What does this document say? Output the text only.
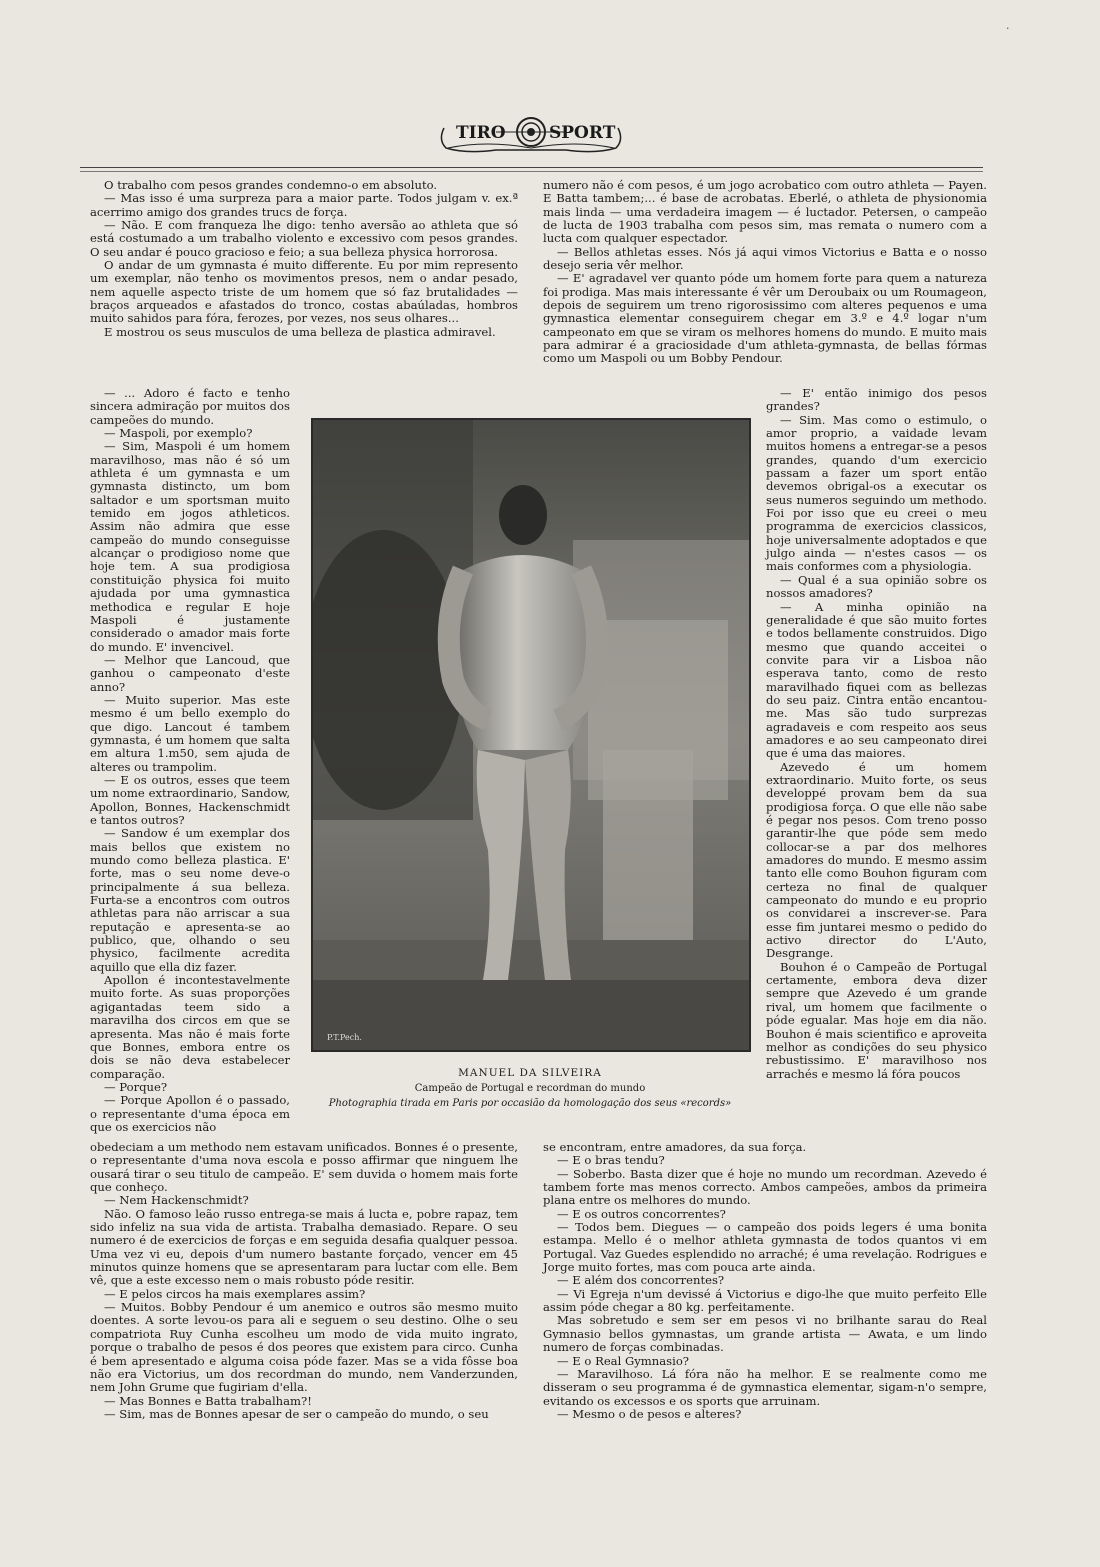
·
TIRO	SPORT

O trabalho com pesos grandes condemno-o em absoluto.

— Mas isso é uma surpreza para a maior parte. Todos julgam v. ex.ª acerrimo amigo dos grandes trucs de força.

— Não. E com franqueza lhe digo: tenho aversão ao athleta que só está costumado a um trabalho violento e excessivo com pesos grandes. O seu andar é pouco gracioso e feio; a sua belleza physica horrorosa.

O andar de um gymnasta é muito differente. Eu por mim represento um exemplar, não tenho os movimentos presos, nem o andar pesado, nem aquelle aspecto triste de um homem que só faz brutalidades — braços arqueados e afastados do tronco, costas abaúladas, hombros muito sahidos para fóra, ferozes, por vezes, nos seus olhares...

E mostrou os seus musculos de uma belleza de plastica admiravel.

— ... Adoro é facto e tenho sincera admiração por muitos dos campeões do mundo.

— Maspoli, por exemplo?

— Sim, Maspoli é um homem maravilhoso, mas não é só um athleta é um gymnasta e um gymnasta distincto, um bom saltador e um sportsman muito temido em jogos athleticos. Assim não admira que esse campeão do mundo conseguisse alcançar o prodigioso nome que hoje tem. A sua prodigiosa constituição physica foi muito ajudada por uma gymnastica methodica e regular E hoje Maspoli é justamente considerado o amador mais forte do mundo. E' invencivel.

— Melhor que Lancoud, que ganhou o campeonato d'este anno?

— Muito superior. Mas este mesmo é um bello exemplo do que digo. Lancout é tambem gymnasta, é um homem que salta em altura 1.m50, sem ajuda de alteres ou trampolim.

— E os outros, esses que teem um nome extraordinario, Sandow, Apollon, Bonnes, Hackenschmidt e tantos outros?

— Sandow é um exemplar dos mais bellos que existem no mundo como belleza plastica. E' forte, mas o seu nome deve-o principalmente á sua belleza. Furta-se a encontros com outros athletas para não arriscar a sua reputação e apresenta-se ao publico, que, olhando o seu physico, facilmente acredita aquillo que ella diz fazer.

Apollon é incontestavelmente muito forte. As suas proporções agigantadas teem sido a maravilha dos circos em que se apresenta. Mas não é mais forte que Bonnes, embora entre os dois se não deva estabelecer comparação.

— Porque?

— Porque Apollon é o passado, o representante d'uma época em que os exercicios não

P.T.Pech.
MANUEL DA SILVEIRA
Campeão de Portugal e recordman do mundo
Photographia tirada em Paris por occasião da homologação dos seus «records»

obedeciam a um methodo nem estavam unificados. Bonnes é o presente, o representante d'uma nova escola e posso affirmar que ninguem lhe ousará tirar o seu titulo de campeão. E' sem duvida o homem mais forte que conheço.

— Nem Hackenschmidt?

Não. O famoso leão russo entrega-se mais á lucta e, pobre rapaz, tem sido infeliz na sua vida de artista. Trabalha demasiado. Repare. O seu numero é de exercicios de forças e em seguida desafia qualquer pessoa. Uma vez vi eu, depois d'um numero bastante forçado, vencer em 45 minutos quinze homens que se apresentaram para luctar com elle. Bem vê, que a este excesso nem o mais robusto póde resitir.

— E pelos circos ha mais exemplares assim?

— Muitos. Bobby Pendour é um anemico e outros são mesmo muito doentes. A sorte levou-os para ali e seguem o seu destino. Olhe o seu compatriota Ruy Cunha escolheu um modo de vida muito ingrato, porque o trabalho de pesos é dos peores que existem para circo. Cunha é bem apresentado e alguma coisa póde fazer. Mas se a vida fôsse boa não era Victorius, um dos recordman do mundo, nem Vanderzunden, nem John Grume que fugiriam d'ella.

— Mas Bonnes e Batta trabalham?!

— Sim, mas de Bonnes apesar de ser o campeão do mundo, o seu

numero não é com pesos, é um jogo acrobatico com outro athleta — Payen. E Batta tambem;... é base de acrobatas. Eberlé, o athleta de physionomia mais linda — uma verdadeira imagem — é luctador. Petersen, o campeão de lucta de 1903 trabalha com pesos sim, mas remata o numero com a lucta com qualquer espectador.

— Bellos athletas esses. Nós já aqui vimos Victorius e Batta e o nosso desejo seria vêr melhor.

— E' agradavel ver quanto póde um homem forte para quem a natureza foi prodiga. Mas mais interessante é vêr um Deroubaix ou um Roumageon, depois de seguirem um treno rigorosissimo com alteres pequenos e uma gymnastica elementar conseguirem chegar em 3.º e 4.º logar n'um campeonato em que se viram os melhores homens do mundo. E muito mais para admirar é a graciosidade d'um athleta-gymnasta, de bellas fórmas como um Maspoli ou um Bobby Pendour.

— E' então inimigo dos pesos grandes?

— Sim. Mas como o estimulo, o amor proprio, a vaidade levam muitos homens a entregar-se a pesos grandes, quando d'um exercicio passam a fazer um sport então devemos obrigal-os a executar os seus numeros seguindo um methodo. Foi por isso que eu creei o meu programma de exercicios classicos, hoje universalmente adoptados e que julgo ainda — n'estes casos — os mais conformes com a physiologia.

— Qual é a sua opinião sobre os nossos amadores?

— A minha opinião na generalidade é que são muito fortes e todos bellamente construidos. Digo mesmo que quando acceitei o convite para vir a Lisboa não esperava tanto, como de resto maravilhado fiquei com as bellezas do seu paiz. Cintra então encantou-me. Mas são tudo surprezas agradaveis e com respeito aos seus amadores e ao seu campeonato direi que é uma das maiores.

Azevedo é um homem extraordinario. Muito forte, os seus developpé provam bem da sua prodigiosa força. O que elle não sabe é pegar nos pesos. Com treno posso garantir-lhe que póde sem medo collocar-se a par dos melhores amadores do mundo. E mesmo assim tanto elle como Bouhon figuram com certeza no final de qualquer campeonato do mundo e eu proprio os convidarei a inscrever-se. Para esse fim juntarei mesmo o pedido do activo director do L'Auto, Desgrange.

Bouhon é o Campeão de Portugal certamente, embora deva dizer sempre que Azevedo é um grande rival, um homem que facilmente o póde egualar. Mas hoje em dia não. Bouhon é mais scientifico e aproveita melhor as condições do seu physico rebustissimo. E' maravilhoso nos arrachés e mesmo lá fóra poucos

se encontram, entre amadores, da sua força.

— E o bras tendu?

— Soberbo. Basta dizer que é hoje no mundo um recordman. Azevedo é tambem forte mas menos correcto. Ambos campeões, ambos da primeira plana entre os melhores do mundo.

— E os outros concorrentes?

— Todos bem. Diegues — o campeão dos poids legers é uma bonita estampa. Mello é o melhor athleta gymnasta de todos quantos vi em Portugal. Vaz Guedes esplendido no arraché; é uma revelação. Rodrigues e Jorge muito fortes, mas com pouca arte ainda.

— E além dos concorrentes?

— Vi Egreja n'um devissé á Victorius e digo-lhe que muito perfeito Elle assim póde chegar a 80 kg. perfeitamente.

Mas sobretudo e sem ser em pesos vi no brilhante sarau do Real Gymnasio bellos gymnastas, um grande artista — Awata, e um lindo numero de forças combinadas.

— E o Real Gymnasio?

— Maravilhoso. Lá fóra não ha melhor. E se realmente como me disseram o seu programma é de gymnastica elementar, sigam-n'o sempre, evitando os excessos e os sports que arruinam.

— Mesmo o de pesos e alteres?
